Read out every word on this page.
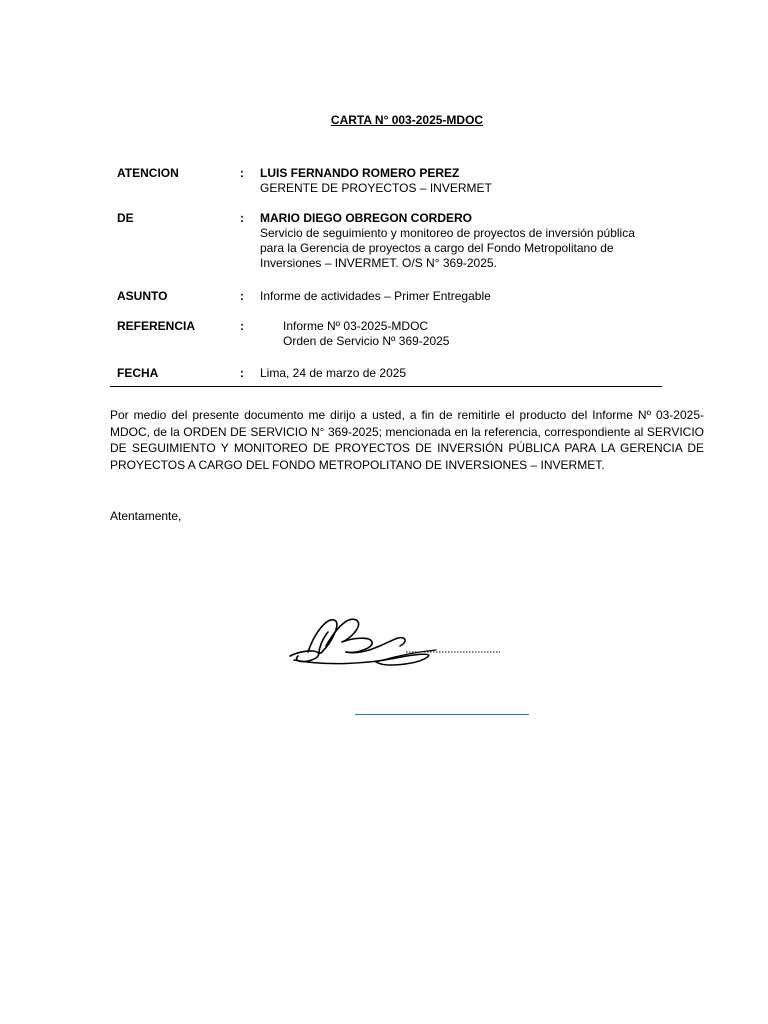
CARTA N° 003-2025-MDOC
ATENCION	: LUIS FERNANDO ROMERO PEREZ
GERENTE DE PROYECTOS – INVERMET
DE	: MARIO DIEGO OBREGON CORDERO
Servicio de seguimiento y monitoreo de proyectos de inversión pública para la Gerencia de proyectos a cargo del Fondo Metropolitano de Inversiones – INVERMET. O/S N° 369-2025.
ASUNTO	: Informe de actividades – Primer Entregable
REFERENCIA	:	Informe Nº 03-2025-MDOC
Orden de Servicio Nº 369-2025
FECHA	: Lima, 24 de marzo de 2025
Por medio del presente documento me dirijo a usted, a fin de remitirle el producto del Informe Nº 03-2025-MDOC, de la ORDEN DE SERVICIO N° 369-2025; mencionada en la referencia, correspondiente al SERVICIO DE SEGUIMIENTO Y MONITOREO DE PROYECTOS DE INVERSIÓN PÚBLICA PARA LA GERENCIA DE PROYECTOS A CARGO DEL FONDO METROPOLITANO DE INVERSIONES – INVERMET.
Atentamente,
